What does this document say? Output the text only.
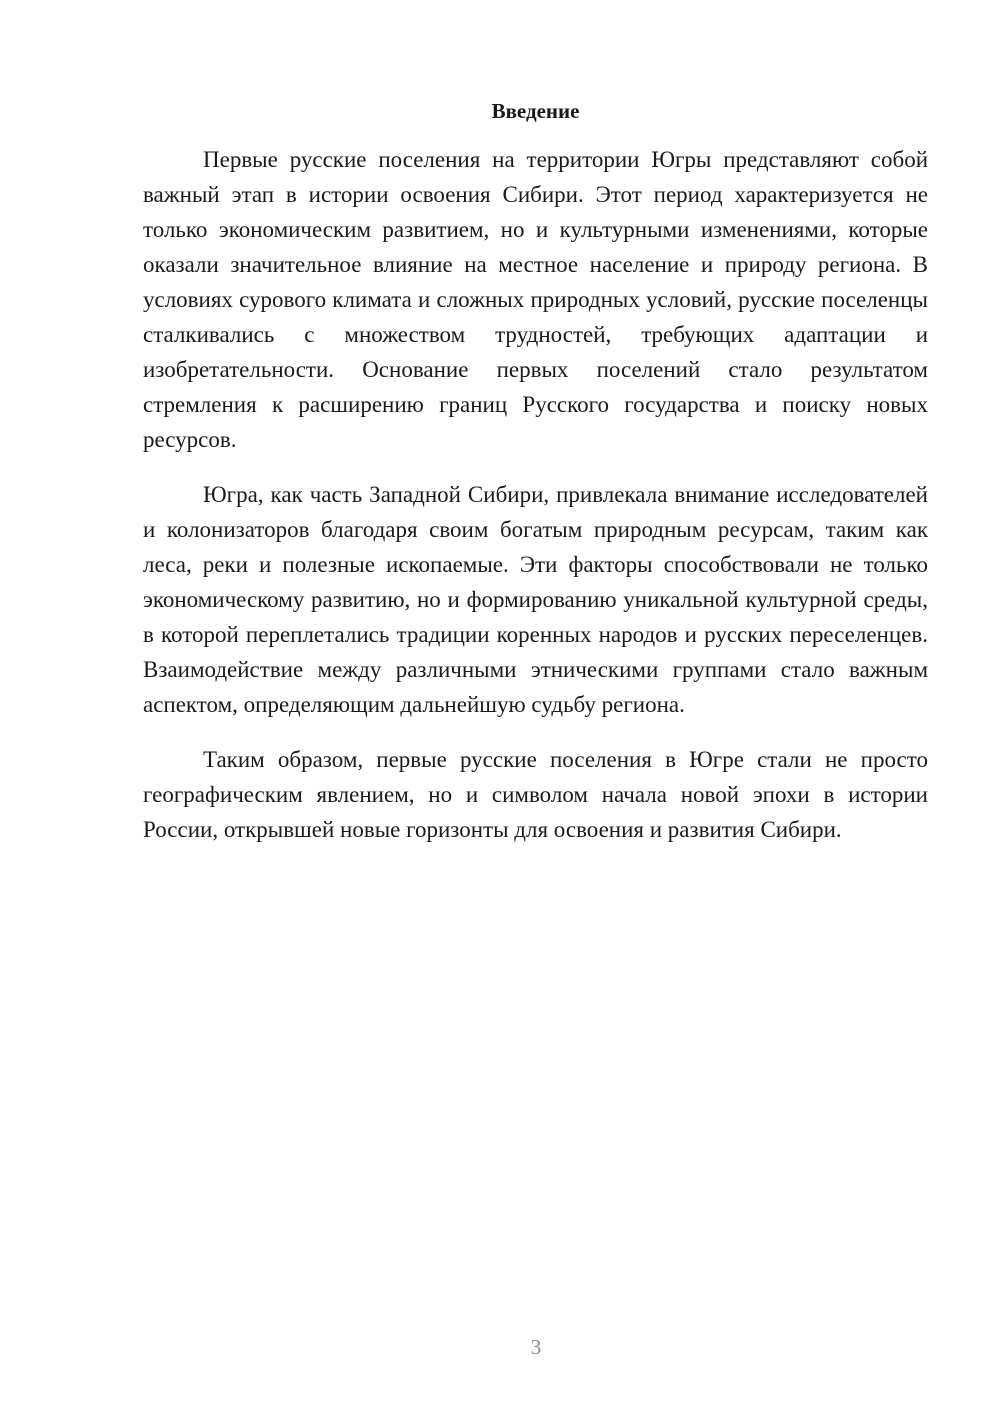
Введение

Первые русские поселения на территории Югры представляют собой важный этап в истории освоения Сибири. Этот период характеризуется не только экономическим развитием, но и культурными изменениями, которые оказали значительное влияние на местное население и природу региона. В условиях сурового климата и сложных природных условий, русские поселенцы сталкивались с множеством трудностей, требующих адаптации и изобретательности. Основание первых поселений стало результатом стремления к расширению границ Русского государства и поиску новых ресурсов.

Югра, как часть Западной Сибири, привлекала внимание исследователей и колонизаторов благодаря своим богатым природным ресурсам, таким как леса, реки и полезные ископаемые. Эти факторы способствовали не только экономическому развитию, но и формированию уникальной культурной среды, в которой переплетались традиции коренных народов и русских переселенцев. Взаимодействие между различными этническими группами стало важным аспектом, определяющим дальнейшую судьбу региона.

Таким образом, первые русские поселения в Югре стали не просто географическим явлением, но и символом начала новой эпохи в истории России, открывшей новые горизонты для освоения и развития Сибири.

3
